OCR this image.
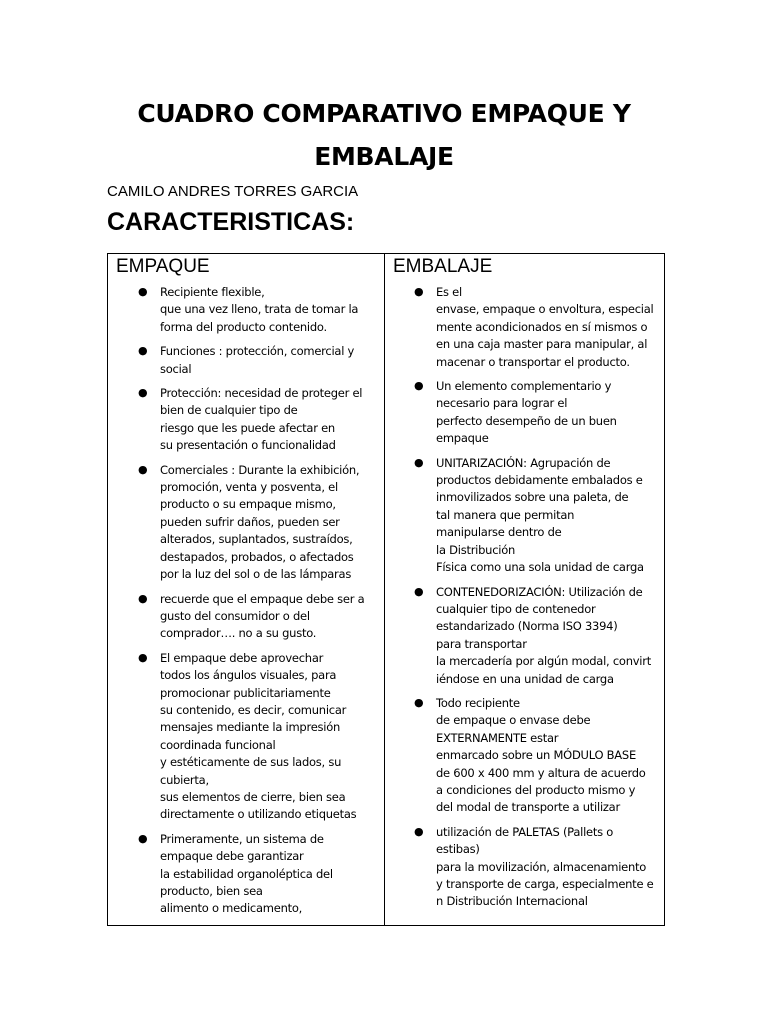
CUADRO COMPARATIVO EMPAQUE Y
EMBALAJE
CAMILO ANDRES TORRES GARCIA
CARACTERISTICAS:
EMPAQUE
● Recipiente flexible,
que una vez lleno, trata de tomar la
forma del producto contenido.
● Funciones : protección, comercial y
social
● Protección: necesidad de proteger el
bien de cualquier tipo de
riesgo que les puede afectar en
su presentación o funcionalidad
● Comerciales : Durante la exhibición,
promoción, venta y posventa, el
producto o su empaque mismo,
pueden sufrir daños, pueden ser
alterados, suplantados, sustraídos,
destapados, probados, o afectados
por la luz del sol o de las lámparas
● recuerde que el empaque debe ser a
gusto del consumidor o del
comprador…. no a su gusto.
● El empaque debe aprovechar
todos los ángulos visuales, para
promocionar publicitariamente
su contenido, es decir, comunicar
mensajes mediante la impresión
coordinada funcional
y estéticamente de sus lados, su
cubierta,
sus elementos de cierre, bien sea
directamente o utilizando etiquetas
● Primeramente, un sistema de
empaque debe garantizar
la estabilidad organoléptica del
producto, bien sea
alimento o medicamento,

EMBALAJE
● Es el
envase, empaque o envoltura, especial
mente acondicionados en sí mismos o
en una caja master para manipular, al
macenar o transportar el producto.
● Un elemento complementario y
necesario para lograr el
perfecto desempeño de un buen
empaque
● UNITARIZACIÓN: Agrupación de
productos debidamente embalados e
inmovilizados sobre una paleta, de
tal manera que permitan
manipularse dentro de
la Distribución
Física como una sola unidad de carga
● CONTENEDORIZACIÓN: Utilización de
cualquier tipo de contenedor
estandarizado (Norma ISO 3394)
para transportar
la mercadería por algún modal, convirt
iéndose en una unidad de carga
● Todo recipiente
de empaque o envase debe
EXTERNAMENTE estar
enmarcado sobre un MÓDULO BASE
de 600 x 400 mm y altura de acuerdo
a condiciones del producto mismo y
del modal de transporte a utilizar
● utilización de PALETAS (Pallets o
estibas)
para la movilización, almacenamiento
y transporte de carga, especialmente e
n Distribución Internacional
